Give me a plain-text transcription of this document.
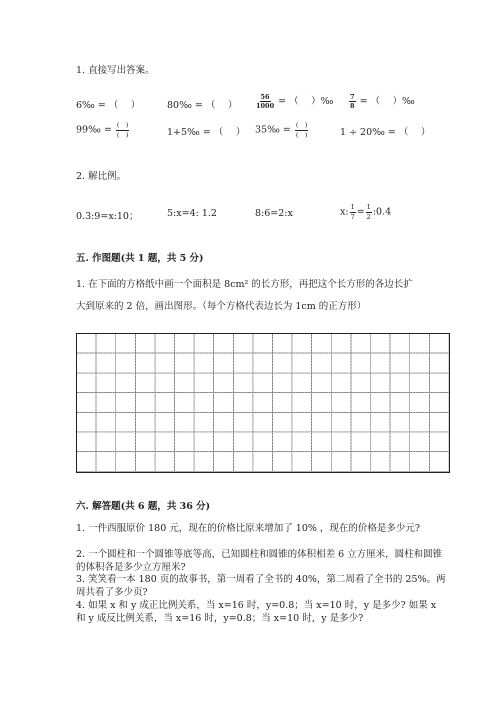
1. 直接写出答案。
6‰ = （　 ）	80‰ = （　 ）	$\frac{56}{1000}$ = （　 ）‰ $\frac{7}{8}$ = （　 ）‰
99‰ = $\frac{( )}{( )}$	1+5‰ = （　 ） 35‰ = $\frac{( )}{( )}$	1 ÷ 20‰ = （　 ）
2. 解比例。
0.3:9=x:10；	5:x=4: 1.2	8:6=2:x	x: $\frac{1}{7} = \frac{1}{2}$ :0.4
五. 作图题(共 1 题，共 5 分)
1. 在下面的方格纸中画一个面积是 8cm² 的长方形，再把这个长方形的各边长扩
大到原来的 2 倍，画出图形。（每个方格代表边长为 1cm 的正方形）
六. 解答题(共 6 题，共 36 分)
1. 一件西服原价 180 元，现在的价格比原来增加了 10% ，现在的价格是多少元?
2. 一个圆柱和一个圆锥等底等高，已知圆柱和圆锥的体积相差 6 立方厘米，圆柱和圆锥的体积各是多少立方厘米?
3. 笑笑看一本 180 页的故事书，第一周看了全书的 40%，第二周看了全书的 25%。两周共看了多少页?
4. 如果 x 和 y 成正比例关系，当 x=16 时，y=0.8；当 x=10 时，y 是多少? 如果 x 和 y 成反比例关系，当 x=16 时，y=0.8；当 x=10 时，y 是多少?
